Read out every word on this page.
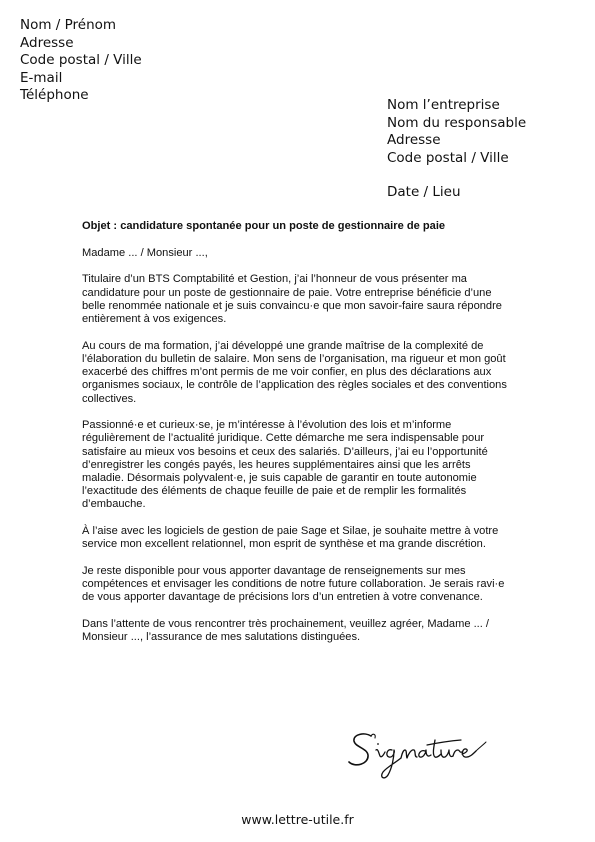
Nom / Prénom
Adresse
Code postal / Ville
E-mail
Téléphone
Nom l’entreprise
Nom du responsable
Adresse
Code postal / Ville
Date / Lieu

Objet : candidature spontanée pour un poste de gestionnaire de paie

Madame ... / Monsieur ...,

Titulaire d’un BTS Comptabilité et Gestion, j’ai l’honneur de vous présenter ma candidature pour un poste de gestionnaire de paie. Votre entreprise bénéficie d’une belle renommée nationale et je suis convaincu·e que mon savoir-faire saura répondre entièrement à vos exigences.

Au cours de ma formation, j’ai développé une grande maîtrise de la complexité de l’élaboration du bulletin de salaire. Mon sens de l’organisation, ma rigueur et mon goût exacerbé des chiffres m’ont permis de me voir confier, en plus des déclarations aux organismes sociaux, le contrôle de l’application des règles sociales et des conventions collectives.

Passionné·e et curieux·se, je m’intéresse à l’évolution des lois et m’informe régulièrement de l’actualité juridique. Cette démarche me sera indispensable pour satisfaire au mieux vos besoins et ceux des salariés. D’ailleurs, j’ai eu l’opportunité d’enregistrer les congés payés, les heures supplémentaires ainsi que les arrêts maladie. Désormais polyvalent·e, je suis capable de garantir en toute autonomie l’exactitude des éléments de chaque feuille de paie et de remplir les formalités d’embauche.

À l’aise avec les logiciels de gestion de paie Sage et Silae, je souhaite mettre à votre service mon excellent relationnel, mon esprit de synthèse et ma grande discrétion.

Je reste disponible pour vous apporter davantage de renseignements sur mes compétences et envisager les conditions de notre future collaboration. Je serais ravi·e de vous apporter davantage de précisions lors d’un entretien à votre convenance.

Dans l’attente de vous rencontrer très prochainement, veuillez agréer, Madame ... / Monsieur ..., l’assurance de mes salutations distinguées.

www.lettre-utile.fr
